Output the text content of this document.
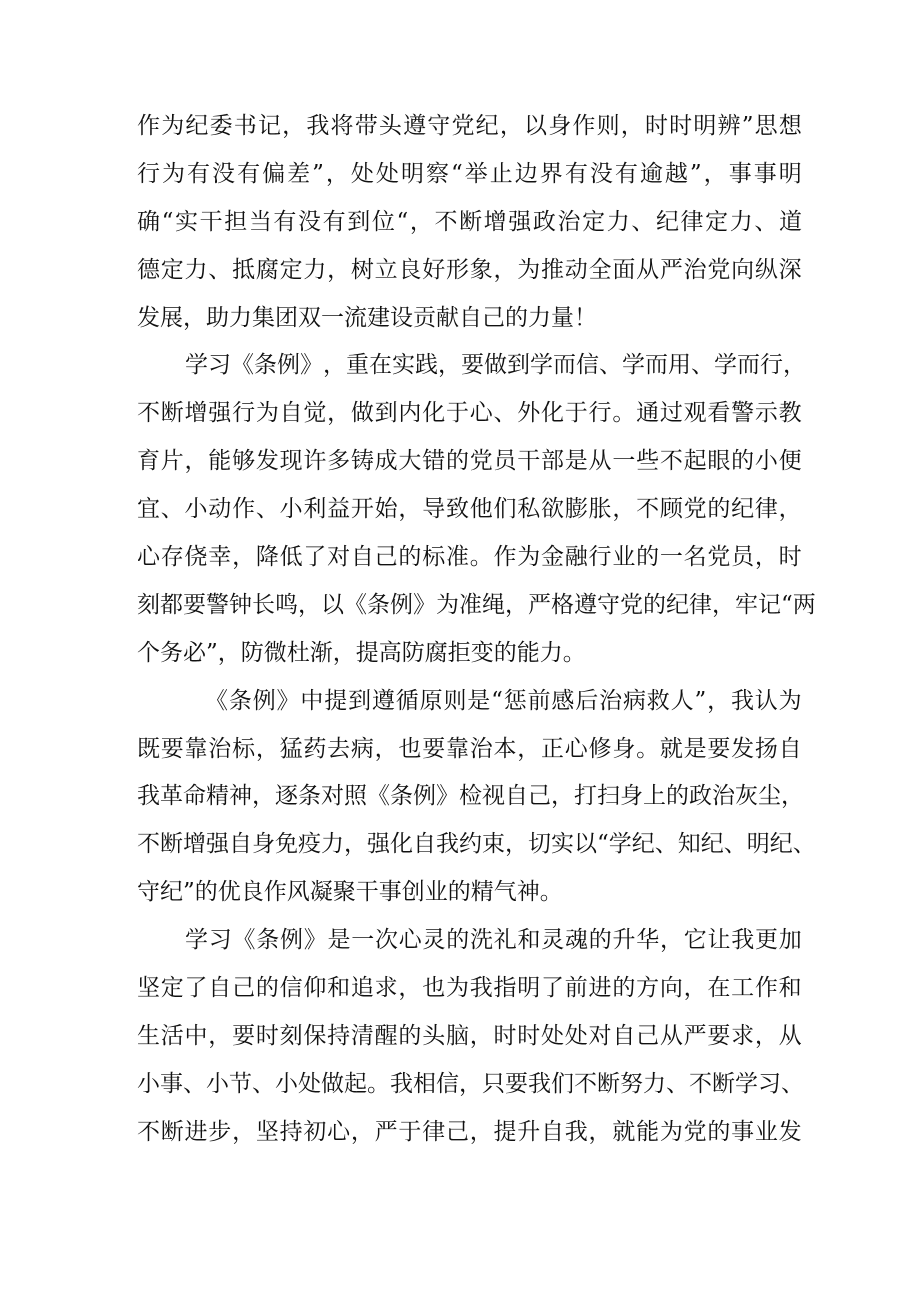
作 为 纪 委 书 记 ， 我 将 带 头 遵 守 党 纪 ， 以 身 作 则 ， 时 时 明 辨 ” 思 想
行 为 有 没 有 偏 差 ” ， 处 处 明 察 “ 举 止 边 界 有 没 有 逾 越 ” ， 事 事 明
确 “ 实 干 担 当 有 没 有 到 位 “ ， 不 断 增 强 政 治 定 力 、 纪 律 定 力 、 道
德 定 力 、 抵 腐 定 力 ， 树 立 良 好 形 象 ， 为 推 动 全 面 从 严 治 党 向 纵 深
发展，助力集团双一流建设贡献自己的力量！
学 习 《 条 例 》 ， 重 在 实 践 ， 要 做 到 学 而 信 、 学 而 用 、 学 而 行 ，
不 断 增 强 行 为 自 觉 ， 做 到 内 化 于 心 、 外 化 于 行 。 通 过 观 看 警 示 教
育 片 ， 能 够 发 现 许 多 铸 成 大 错 的 党 员 干 部 是 从 一 些 不 起 眼 的 小 便
宜 、 小 动 作 、 小 利 益 开 始 ， 导 致 他 们 私 欲 膨 胀 ， 不 顾 党 的 纪 律 ，
心 存 侥 幸 ， 降 低 了 对 自 己 的 标 准 。 作 为 金 融 行 业 的 一 名 党 员 ， 时
刻 都 要 警 钟 长 鸣 ， 以 《 条 例 》 为 准 绳 ， 严 格 遵 守 党 的 纪 律 ， 牢 记 “ 两
个务必”，防微杜渐，提高防腐拒变的能力。
《 条 例 》 中 提 到 遵 循 原 则 是 “ 惩 前 感 后 治 病 救 人 ” ， 我 认 为
既 要 靠 治 标 ， 猛 药 去 病 ， 也 要 靠 治 本 ， 正 心 修 身 。 就 是 要 发 扬 自
我 革 命 精 神 ， 逐 条 对 照 《 条 例 》 检 视 自 己 ， 打 扫 身 上 的 政 治 灰 尘 ，
不 断 增 强 自 身 免 疫 力 ， 强 化 自 我 约 束 ， 切 实 以 “ 学 纪 、 知 纪 、 明 纪 、
守纪”的优良作风凝聚干事创业的精气神。
学 习 《 条 例 》 是 一 次 心 灵 的 洗 礼 和 灵 魂 的 升 华 ， 它 让 我 更 加
坚 定 了 自 己 的 信 仰 和 追 求 ， 也 为 我 指 明 了 前 进 的 方 向 ， 在 工 作 和
生 活 中 ， 要 时 刻 保 持 清 醒 的 头 脑 ， 时 时 处 处 对 自 己 从 严 要 求 ， 从
小 事 、 小 节 、 小 处 做 起 。 我 相 信 ， 只 要 我 们 不 断 努 力 、 不 断 学 习 、
不 断 进 步 ， 坚 持 初 心 ， 严 于 律 己 ， 提 升 自 我 ， 就 能 为 党 的 事 业 发
